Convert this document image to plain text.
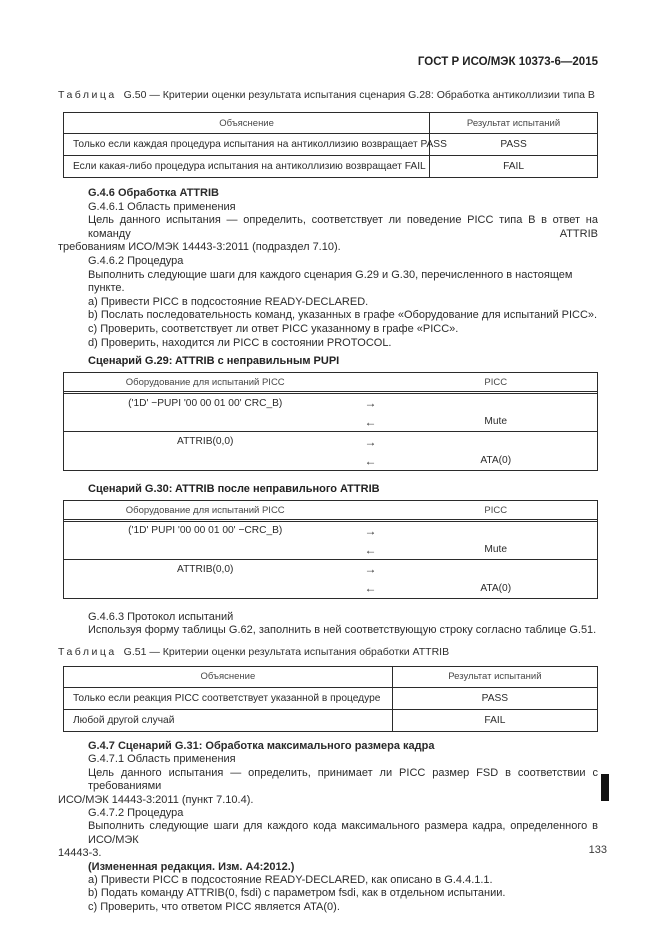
ГОСТ Р ИСО/МЭК 10373-6—2015
Таблица G.50 — Критерии оценки результата испытания сценария G.28: Обработка антиколлизии типа В
Объяснение	Результат испытаний
Только если каждая процедура испытания на антиколлизию возвращает PASS	PASS
Если какая-либо процедура испытания на антиколлизию возвращает FAIL	FAIL
G.4.6 Обработка ATTRIB
G.4.6.1 Область применения
Цель данного испытания — определить, соответствует ли поведение PICC типа В в ответ на команду ATTRIB
требованиям ИСО/МЭК 14443-3:2011 (подраздел 7.10).
G.4.6.2 Процедура
Выполнить следующие шаги для каждого сценария G.29 и G.30, перечисленного в настоящем пункте.
a) Привести PICC в подсостояние READY-DECLARED.
b) Послать последовательность команд, указанных в графе «Оборудование для испытаний PICC».
c) Проверить, соответствует ли ответ PICC указанному в графе «PICC».
d) Проверить, находится ли PICC в состоянии PROTOCOL.
Сценарий G.29: ATTRIB с неправильным PUPI
Оборудование для испытаний PICC	PICC
('1D' −PUPI '00 00 01 00' CRC_B)	→
←	Mute
ATTRIB(0,0)	→
←	ATA(0)
Сценарий G.30: ATTRIB после неправильного ATTRIB
Оборудование для испытаний PICC	PICC
('1D' PUPI '00 00 01 00' −CRC_B)	→
←	Mute
ATTRIB(0,0)	→
←	ATA(0)
G.4.6.3 Протокол испытаний
Используя форму таблицы G.62, заполнить в ней соответствующую строку согласно таблице G.51.
Таблица G.51 — Критерии оценки результата испытания обработки ATTRIB
Объяснение	Результат испытаний
Только если реакция PICC соответствует указанной в процедуре	PASS
Любой другой случай	FAIL
G.4.7 Сценарий G.31: Обработка максимального размера кадра
G.4.7.1 Область применения
Цель данного испытания — определить, принимает ли PICC размер FSD в соответствии с требованиями
ИСО/МЭК 14443-3:2011 (пункт 7.10.4).
G.4.7.2 Процедура
Выполнить следующие шаги для каждого кода максимального размера кадра, определенного в ИСО/МЭК
14443-3.
(Измененная редакция. Изм. А4:2012.)
a) Привести PICC в подсостояние READY-DECLARED, как описано в G.4.4.1.1.
b) Подать команду ATTRIB(0, fsdi) с параметром fsdi, как в отдельном испытании.
c) Проверить, что ответом PICC является ATA(0).
133
